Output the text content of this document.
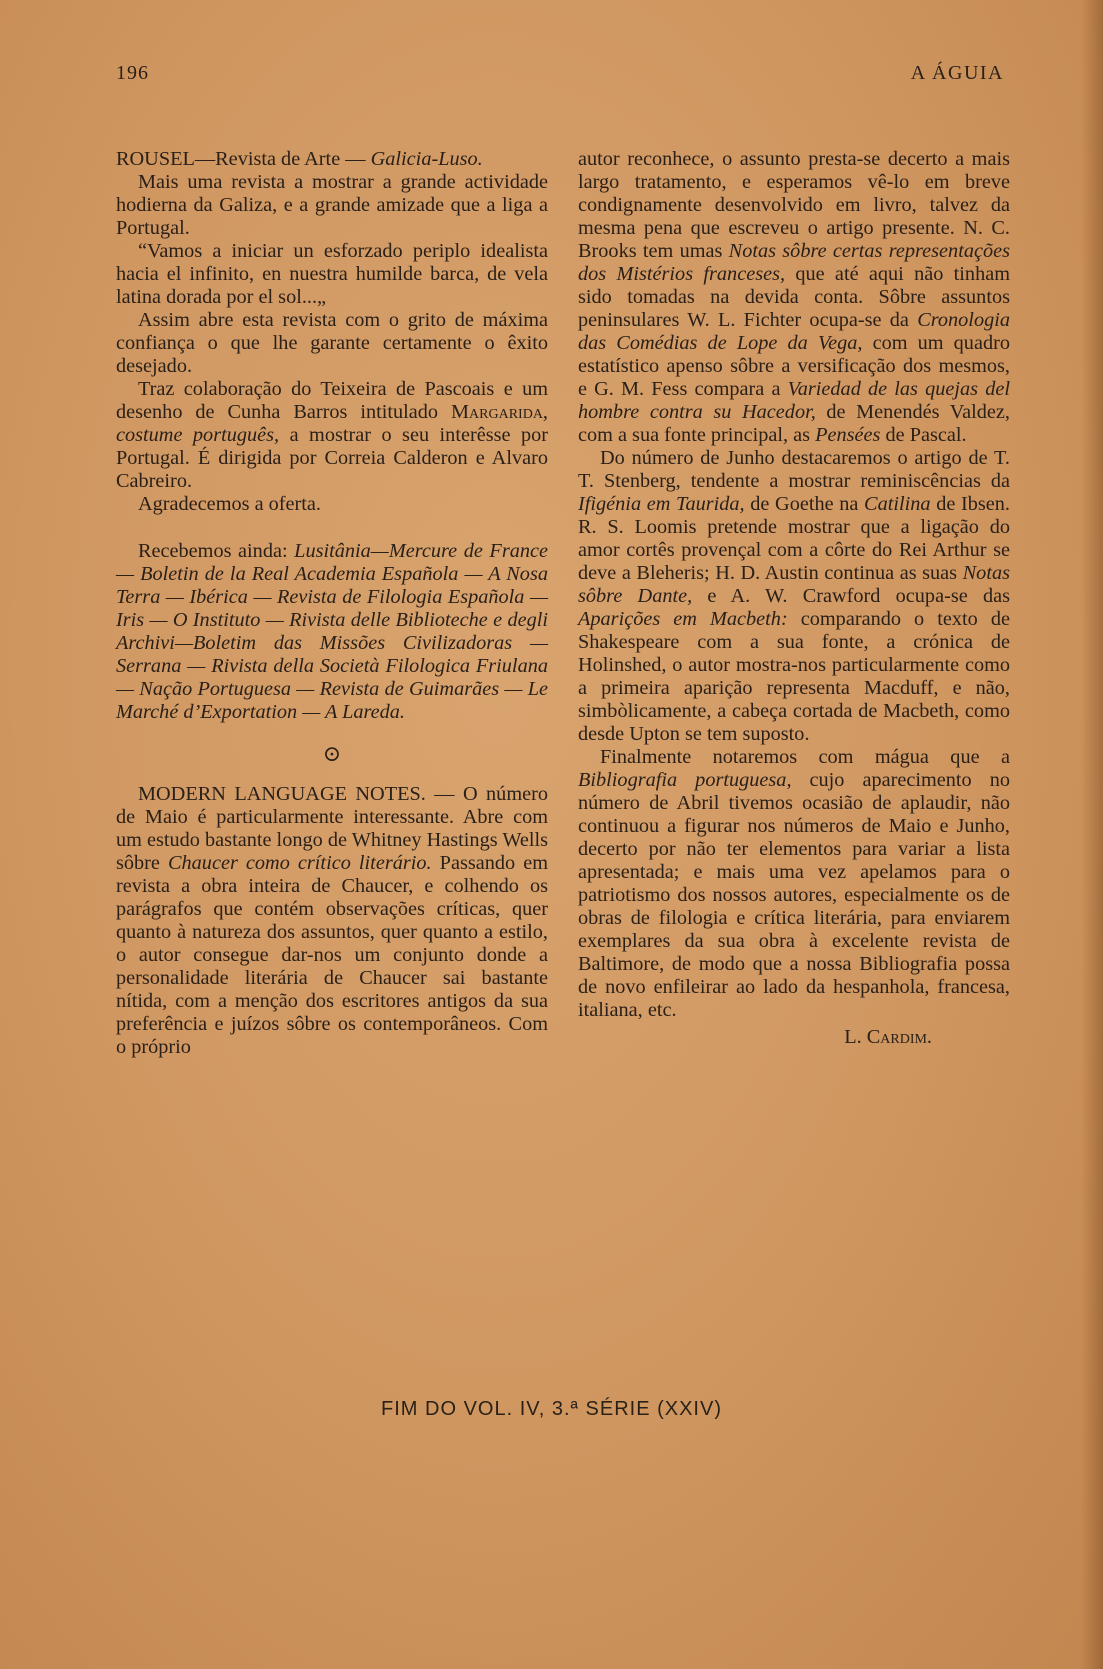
196	A ÁGUIA

ROUSEL—Revista de Arte — Galicia-Luso.

Mais uma revista a mostrar a grande actividade hodierna da Galiza, e a grande amizade que a liga a Portugal.

“Vamos a iniciar un esforzado periplo idealista hacia el infinito, en nuestra humilde barca, de vela latina dorada por el sol...„

Assim abre esta revista com o grito de máxima confiança o que lhe garante certamente o êxito desejado.

Traz colaboração do Teixeira de Pascoais e um desenho de Cunha Barros intitulado Margarida, costume português, a mostrar o seu interêsse por Portugal. É dirigida por Correia Calderon e Alvaro Cabreiro.

Agradecemos a oferta.

Recebemos ainda: Lusitânia—Mercure de France— Boletin de la Real Academia Española — A Nosa Terra — Ibérica — Revista de Filologia Española — Iris — O Instituto — Rivista delle Biblioteche e degli Archivi—Boletim das Missões Civilizadoras — Serrana — Rivista della Società Filologica Friulana — Nação Portuguesa — Revista de Guimarães — Le Marché d’Exportation — A Lareda.

⊙

MODERN LANGUAGE NOTES. — O número de Maio é particularmente interessante. Abre com um estudo bastante longo de Whitney Hastings Wells sôbre Chaucer como crítico literário. Passando em revista a obra inteira de Chaucer, e colhendo os parágrafos que contém observações críticas, quer quanto à natureza dos assuntos, quer quanto a estilo, o autor consegue dar-nos um conjunto donde a personalidade literária de Chaucer sai bastante nítida, com a menção dos escritores antigos da sua preferência e juízos sôbre os contemporâneos. Com o próprio

autor reconhece, o assunto presta-se decerto a mais largo tratamento, e esperamos vê-lo em breve condignamente desenvolvido em livro, talvez da mesma pena que escreveu o artigo presente. N. C. Brooks tem umas Notas sôbre certas representações dos Mistérios franceses, que até aqui não tinham sido tomadas na devida conta. Sôbre assuntos peninsulares W. L. Fichter ocupa-se da Cronologia das Comédias de Lope da Vega, com um quadro estatístico apenso sôbre a versificação dos mesmos, e G. M. Fess compara a Variedad de las quejas del hombre contra su Hacedor, de Menendés Valdez, com a sua fonte principal, as Pensées de Pascal.

Do número de Junho destacaremos o artigo de T. T. Stenberg, tendente a mostrar reminiscências da Ifigénia em Taurida, de Goethe na Catilina de Ibsen. R. S. Loomis pretende mostrar que a ligação do amor cortês provençal com a côrte do Rei Arthur se deve a Bleheris; H. D. Austin continua as suas Notas sôbre Dante, e A. W. Crawford ocupa-se das Aparições em Macbeth: comparando o texto de Shakespeare com a sua fonte, a crónica de Holinshed, o autor mostra-nos particularmente como a primeira aparição representa Macduff, e não, simbòlicamente, a cabeça cortada de Macbeth, como desde Upton se tem suposto.

Finalmente notaremos com mágua que a Bibliografia portuguesa, cujo aparecimento no número de Abril tivemos ocasião de aplaudir, não continuou a figurar nos números de Maio e Junho, decerto por não ter elementos para variar a lista apresentada; e mais uma vez apelamos para o patriotismo dos nossos autores, especialmente os de obras de filologia e crítica literária, para enviarem exemplares da sua obra à excelente revista de Baltimore, de modo que a nossa Bibliografia possa de novo enfileirar ao lado da hespanhola, francesa, italiana, etc.

L. Cardim.

FIM DO VOL. IV, 3.ª SÉRIE (XXIV)
